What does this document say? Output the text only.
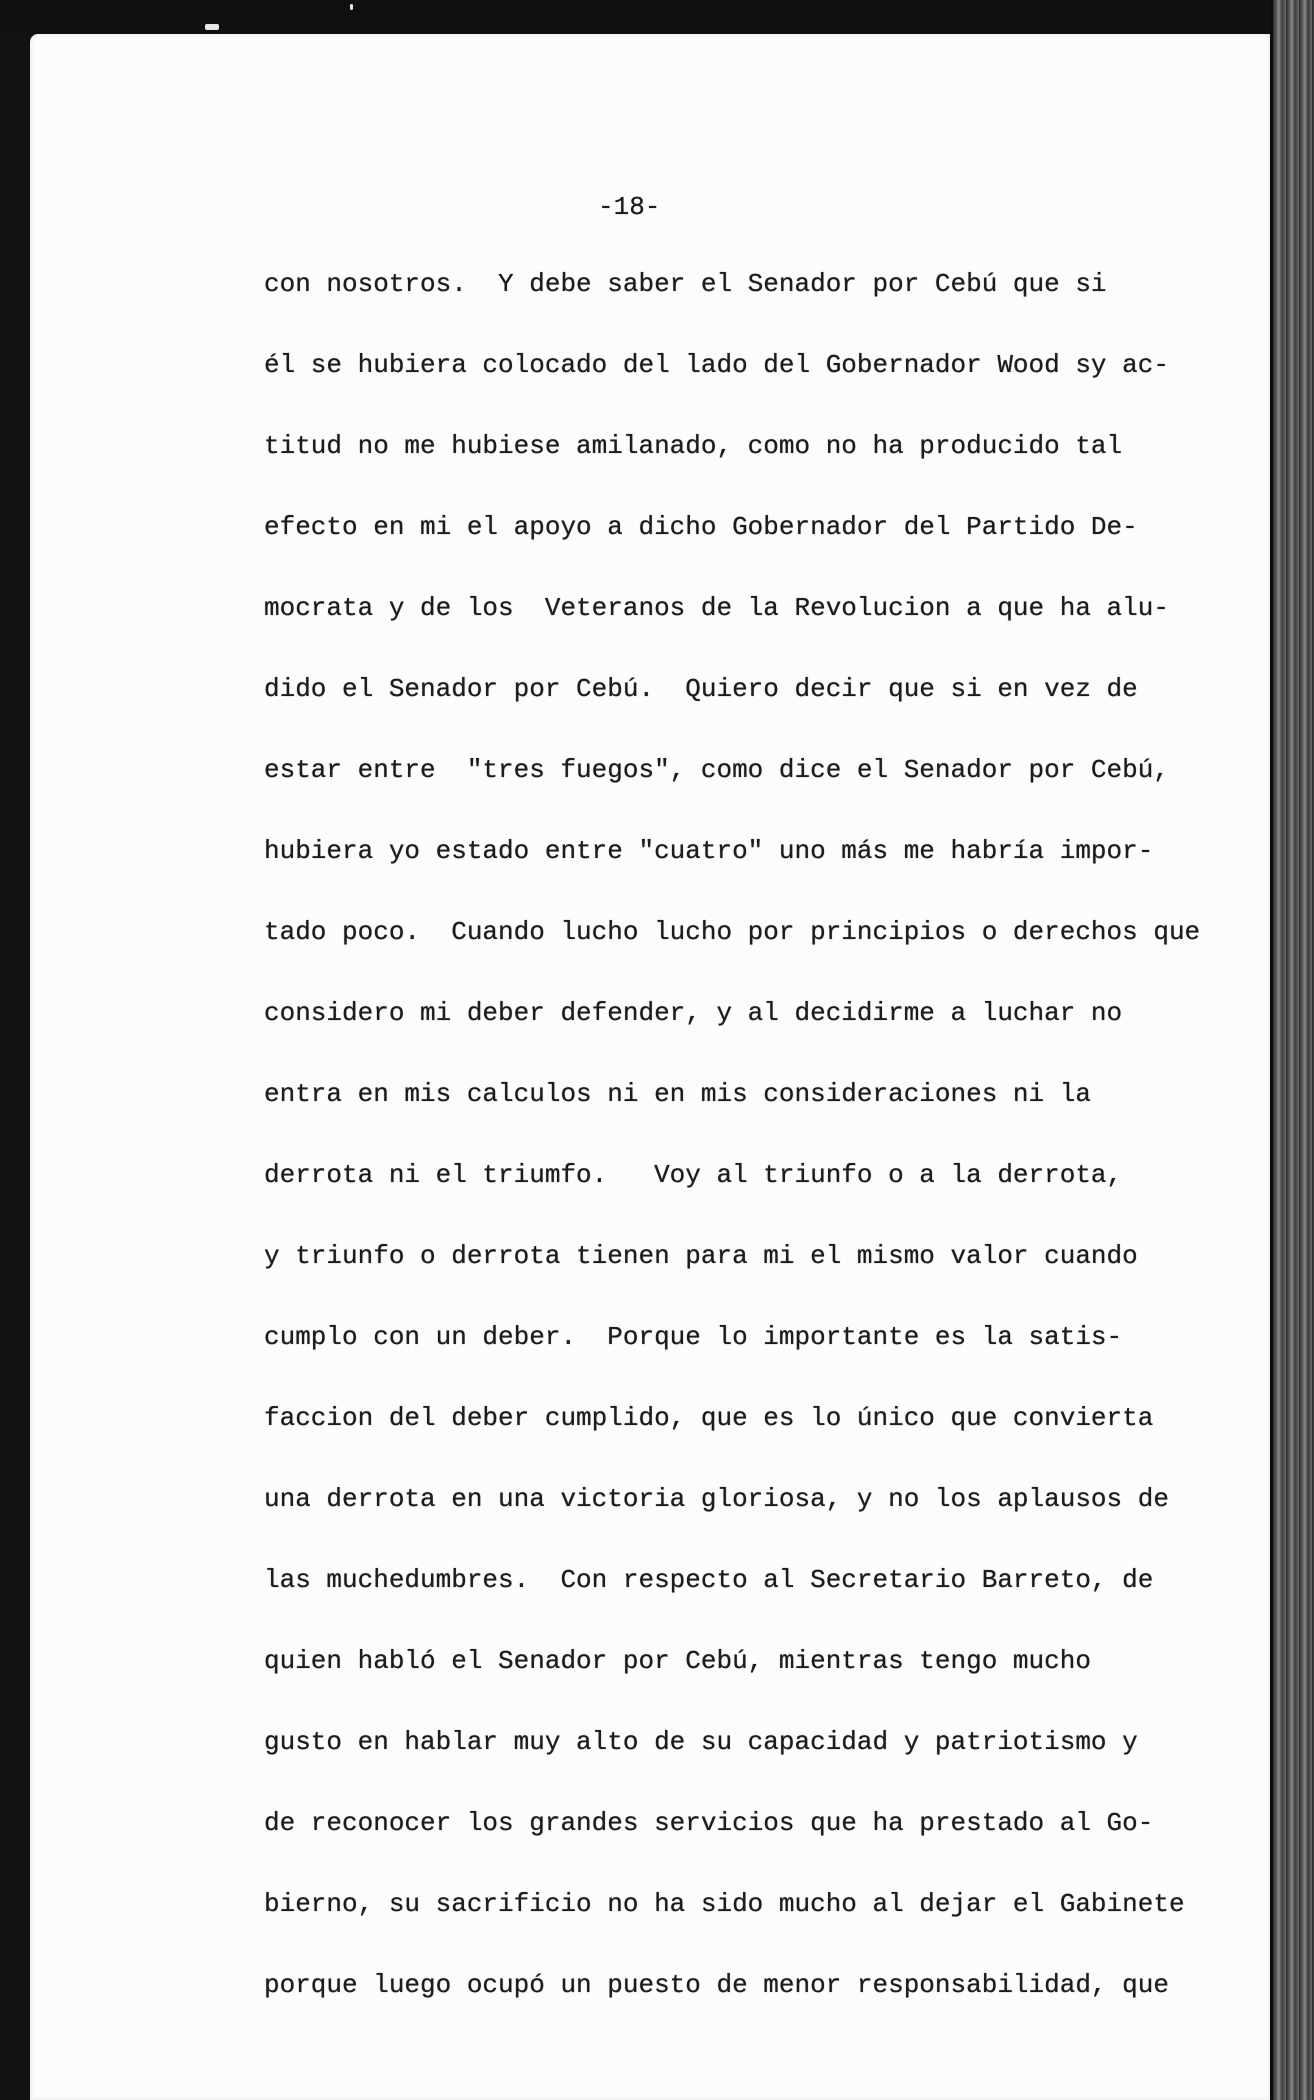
-18-
con nosotros.  Y debe saber el Senador por Cebú que si
él se hubiera colocado del lado del Gobernador Wood sy ac-
titud no me hubiese amilanado, como no ha producido tal
efecto en mi el apoyo a dicho Gobernador del Partido De-
mocrata y de los  Veteranos de la Revolucion a que ha alu-
dido el Senador por Cebú.  Quiero decir que si en vez de
estar entre  "tres fuegos", como dice el Senador por Cebú,
hubiera yo estado entre "cuatro" uno más me habría impor-
tado poco.  Cuando lucho lucho por principios o derechos que
considero mi deber defender, y al decidirme a luchar no
entra en mis calculos ni en mis consideraciones ni la
derrota ni el triumfo.   Voy al triunfo o a la derrota,
y triunfo o derrota tienen para mi el mismo valor cuando
cumplo con un deber.  Porque lo importante es la satis-
faccion del deber cumplido, que es lo único que convierta
una derrota en una victoria gloriosa, y no los aplausos de
las muchedumbres.  Con respecto al Secretario Barreto, de
quien habló el Senador por Cebú, mientras tengo mucho
gusto en hablar muy alto de su capacidad y patriotismo y
de reconocer los grandes servicios que ha prestado al Go-
bierno, su sacrificio no ha sido mucho al dejar el Gabinete
porque luego ocupó un puesto de menor responsabilidad, que
